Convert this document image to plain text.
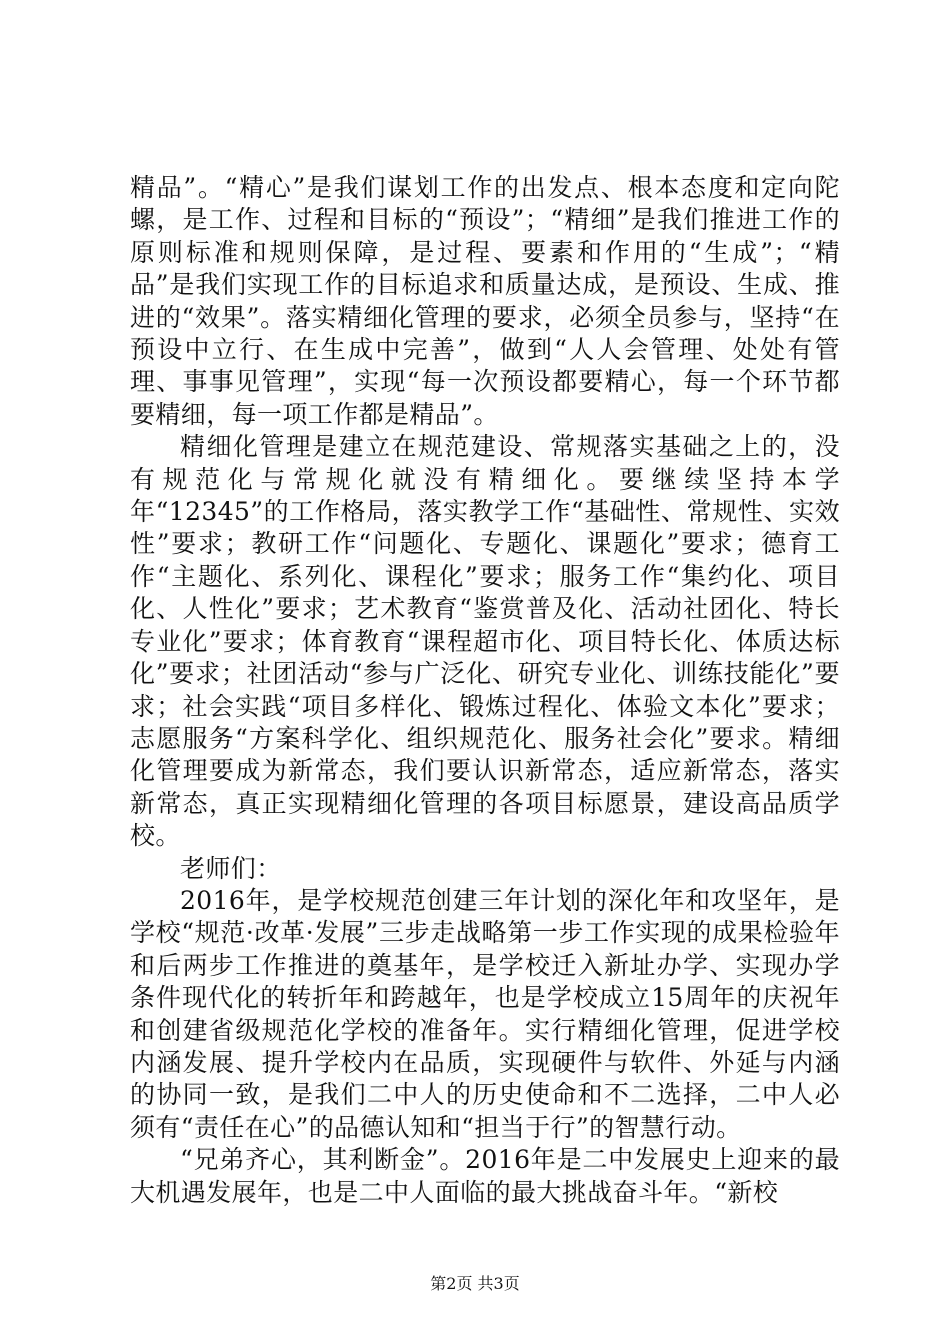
精品”。“精心”是我们谋划工作的出发点、根本态度和定向陀螺，是工作、过程和目标的“预设”；“精细”是我们推进工作的原则标准和规则保障，是过程、要素和作用的“生成”；“精品”是我们实现工作的目标追求和质量达成，是预设、生成、推进的“效果”。落实精细化管理的要求，必须全员参与，坚持“在预设中立行、在生成中完善”，做到“人人会管理、处处有管理、事事见管理”，实现“每一次预设都要精心，每一个环节都要精细，每一项工作都是精品”。

精细化管理是建立在规范建设、常规落实基础之上的，没有规范化与常规化就没有精细化。要继续坚持本学年“12345”的工作格局，落实教学工作“基础性、常规性、实效性”要求；教研工作“问题化、专题化、课题化”要求；德育工作“主题化、系列化、课程化”要求；服务工作“集约化、项目化、人性化”要求；艺术教育“鉴赏普及化、活动社团化、特长专业化”要求；体育教育“课程超市化、项目特长化、体质达标化”要求；社团活动“参与广泛化、研究专业化、训练技能化”要求；社会实践“项目多样化、锻炼过程化、体验文本化”要求；志愿服务“方案科学化、组织规范化、服务社会化”要求。精细化管理要成为新常态，我们要认识新常态，适应新常态，落实新常态，真正实现精细化管理的各项目标愿景，建设高品质学校。

老师们：

2016年，是学校规范创建三年计划的深化年和攻坚年，是学校“规范·改革·发展”三步走战略第一步工作实现的成果检验年和后两步工作推进的奠基年，是学校迁入新址办学、实现办学条件现代化的转折年和跨越年，也是学校成立15周年的庆祝年和创建省级规范化学校的准备年。实行精细化管理，促进学校内涵发展、提升学校内在品质，实现硬件与软件、外延与内涵的协同一致，是我们二中人的历史使命和不二选择，二中人必须有“责任在心”的品德认知和“担当于行”的智慧行动。

“兄弟齐心，其利断金”。2016年是二中发展史上迎来的最大机遇发展年，也是二中人面临的最大挑战奋斗年。“新校

第2页 共3页
